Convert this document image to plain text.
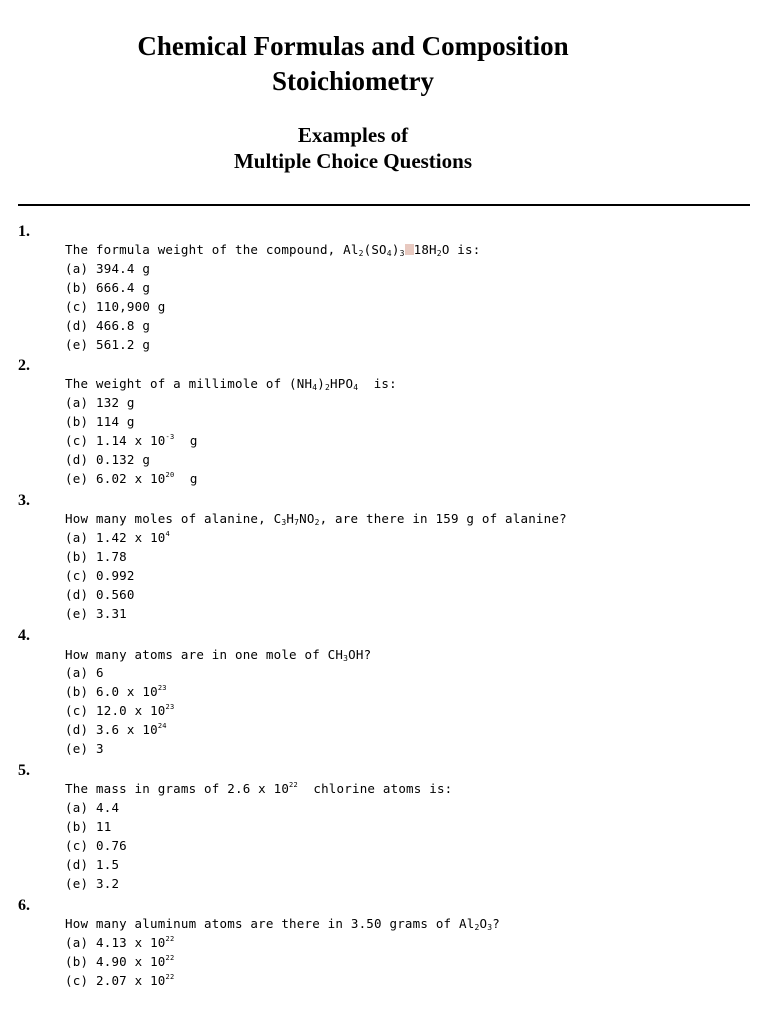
Chemical Formulas and Composition
Stoichiometry
Examples of
Multiple Choice Questions
1.
The formula weight of the compound, $Al_2(SO_4)_3$ $18H_2O$ is:
(a) 394.4 g
(b) 666.4 g
(c) 110,900 g
(d) 466.8 g
(e) 561.2 g
2.
The weight of a millimole of $(NH_4)_2HPO_4$  is:
(a) 132 g
(b) 114 g
(c) 1.14 x $10^{-3}$  g
(d) 0.132 g
(e) 6.02 x $10^{20}$  g
3.
How many moles of alanine, $C_3H_7NO_2$, are there in 159 g of alanine?
(a) 1.42 x $10^4$
(b) 1.78
(c) 0.992
(d) 0.560
(e) 3.31
4.
How many atoms are in one mole of $CH_3OH$?
(a) 6
(b) 6.0 x $10^{23}$
(c) 12.0 x $10^{23}$
(d) 3.6 x $10^{24}$
(e) 3
5.
The mass in grams of 2.6 x $10^{22}$  chlorine atoms is:
(a) 4.4
(b) 11
(c) 0.76
(d) 1.5
(e) 3.2
6.
How many aluminum atoms are there in 3.50 grams of $Al_2O_3$?
(a) 4.13 x $10^{22}$
(b) 4.90 x $10^{22}$
(c) 2.07 x $10^{22}$
